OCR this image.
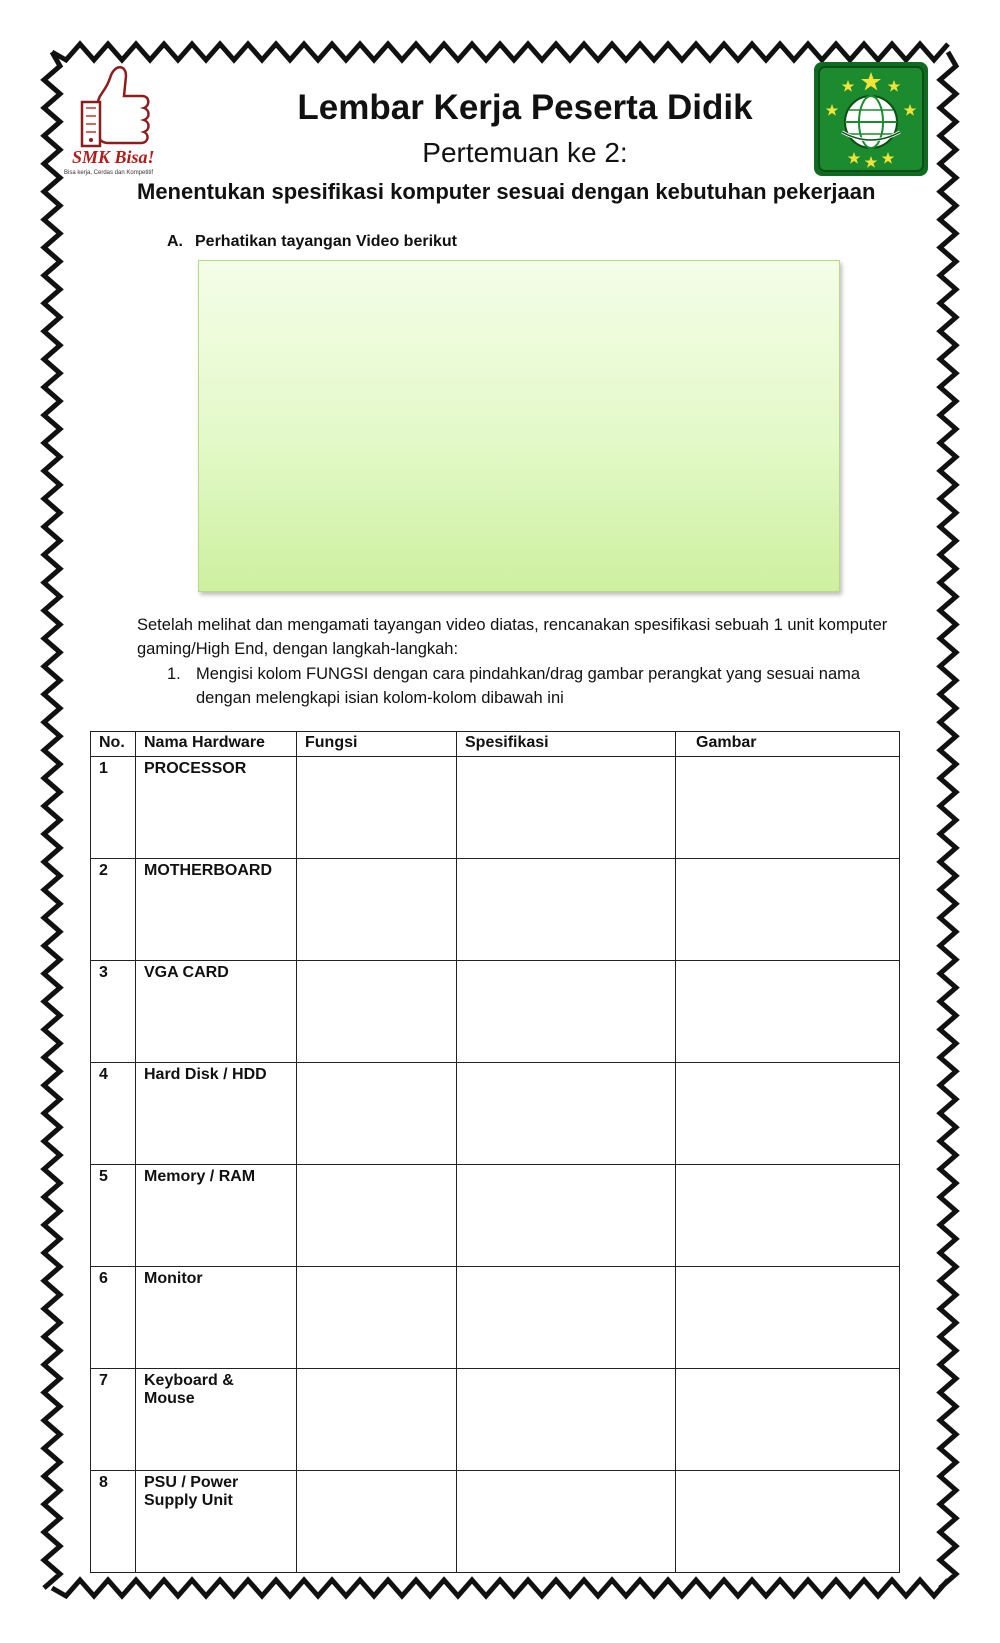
SMK Bisa!
Bisa kerja, Cerdas dan Kompetitif
Lembar Kerja Peserta Didik
Pertemuan ke 2:
Menentukan spesifikasi komputer sesuai dengan kebutuhan pekerjaan
A. Perhatikan tayangan Video berikut
Setelah melihat dan mengamati tayangan video diatas, rencanakan spesifikasi sebuah 1 unit komputer gaming/High End, dengan langkah-langkah:
1. Mengisi kolom FUNGSI dengan cara pindahkan/drag gambar perangkat yang sesuai nama dengan melengkapi isian kolom-kolom dibawah ini
No.	Nama Hardware	Fungsi	Spesifikasi	Gambar
1	PROCESSOR			
2	MOTHERBOARD			
3	VGA CARD			
4	Hard Disk / HDD			
5	Memory / RAM			
6	Monitor			
7	Keyboard & Mouse			
8	PSU / Power Supply Unit			
